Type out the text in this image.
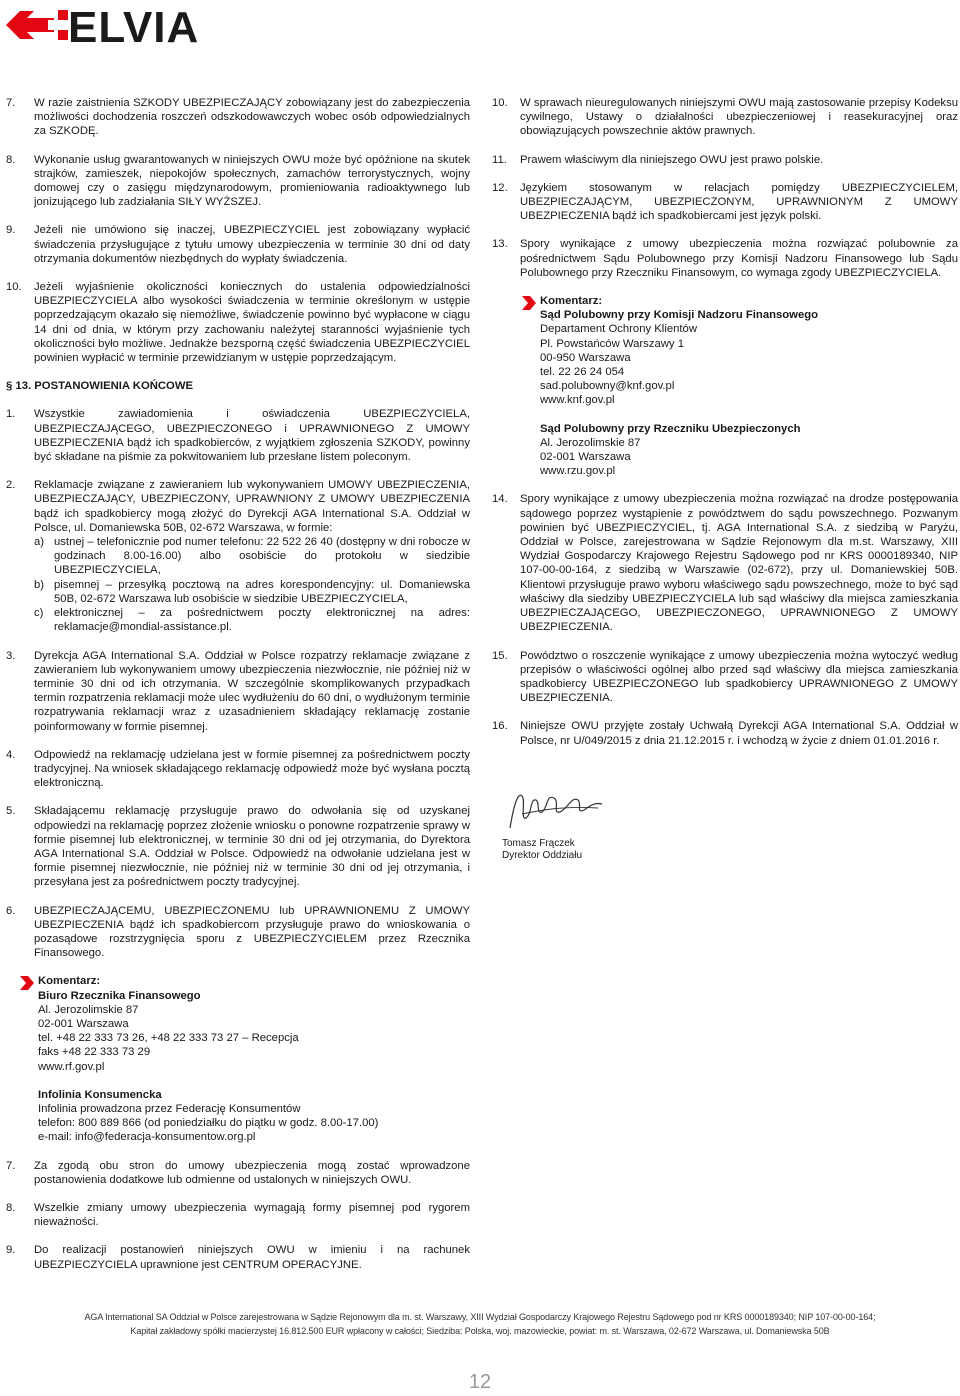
ELVIA
7.	W razie zaistnienia SZKODY UBEZPIECZAJĄCY zobowiązany jest do zabezpieczenia możliwości dochodzenia roszczeń odszkodowawczych wobec osób odpowiedzialnych za SZKODĘ.
8.	Wykonanie usług gwarantowanych w niniejszych OWU może być opóźnione na skutek strajków, zamieszek, niepokojów społecznych, zamachów terrorystycznych, wojny domowej czy o zasięgu międzynarodowym, promieniowania radioaktywnego lub jonizującego lub zadziałania SIŁY WYŻSZEJ.
9.	Jeżeli nie umówiono się inaczej, UBEZPIECZYCIEL jest zobowiązany wypłacić świadczenia przysługujące z tytułu umowy ubezpieczenia w terminie 30 dni od daty otrzymania dokumentów niezbędnych do wypłaty świadczenia.
10.	Jeżeli wyjaśnienie okoliczności koniecznych do ustalenia odpowiedzialności UBEZPIECZYCIELA albo wysokości świadczenia w terminie określonym w ustępie poprzedzającym okazało się niemożliwe, świadczenie powinno być wypłacone w ciągu 14 dni od dnia, w którym przy zachowaniu należytej staranności wyjaśnienie tych okoliczności było możliwe. Jednakże bezsporną część świadczenia UBEZPIECZYCIEL powinien wypłacić w terminie przewidzianym w ustępie poprzedzającym.
§ 13. POSTANOWIENIA KOŃCOWE
1.	Wszystkie zawiadomienia i oświadczenia UBEZPIECZYCIELA, UBEZPIECZAJĄCEGO, UBEZPIECZONEGO i UPRAWNIONEGO Z UMOWY UBEZPIECZENIA bądź ich spadkobierców, z wyjątkiem zgłoszenia SZKODY, powinny być składane na piśmie za pokwitowaniem lub przesłane listem poleconym.
2.	Reklamacje związane z zawieraniem lub wykonywaniem UMOWY UBEZPIECZENIA, UBEZPIECZAJĄCY, UBEZPIECZONY, UPRAWNIONY Z UMOWY UBEZPIECZENIA bądź ich spadkobiercy mogą złożyć do Dyrekcji AGA International S.A. Oddział w Polsce, ul. Domaniewska 50B, 02-672 Warszawa, w formie:
a) ustnej – telefonicznie pod numer telefonu: 22 522 26 40 (dostępny w dni robocze w godzinach 8.00-16.00) albo osobiście do protokołu w siedzibie UBEZPIECZYCIELA,
b) pisemnej – przesyłką pocztową na adres korespondencyjny: ul. Domaniewska 50B, 02-672 Warszawa lub osobiście w siedzibie UBEZPIECZYCIELA,
c) elektronicznej – za pośrednictwem poczty elektronicznej na adres: reklamacje@mondial-assistance.pl.
3.	Dyrekcja AGA International S.A. Oddział w Polsce rozpatrzy reklamacje związane z zawieraniem lub wykonywaniem umowy ubezpieczenia niezwłocznie, nie później niż w terminie 30 dni od ich otrzymania. W szczególnie skomplikowanych przypadkach termin rozpatrzenia reklamacji może ulec wydłużeniu do 60 dni, o wydłużonym terminie rozpatrywania reklamacji wraz z uzasadnieniem składający reklamację zostanie poinformowany w formie pisemnej.
4.	Odpowiedź na reklamację udzielana jest w formie pisemnej za pośrednictwem poczty tradycyjnej. Na wniosek składającego reklamację odpowiedź może być wysłana pocztą elektroniczną.
5.	Składającemu reklamację przysługuje prawo do odwołania się od uzyskanej odpowiedzi na reklamację poprzez złożenie wniosku o ponowne rozpatrzenie sprawy w formie pisemnej lub elektronicznej, w terminie 30 dni od jej otrzymania, do Dyrektora AGA International S.A. Oddział w Polsce. Odpowiedź na odwołanie udzielana jest w formie pisemnej niezwłocznie, nie później niż w terminie 30 dni od jej otrzymania, i przesyłana jest za pośrednictwem poczty tradycyjnej.
6.	UBEZPIECZAJĄCEMU, UBEZPIECZONEMU lub UPRAWNIONEMU Z UMOWY UBEZPIECZENIA bądź ich spadkobiercom przysługuje prawo do wnioskowania o pozasądowe rozstrzygnięcia sporu z UBEZPIECZYCIELEM przez Rzecznika Finansowego.
Komentarz:
Biuro Rzecznika Finansowego
Al. Jerozolimskie 87
02-001 Warszawa
tel. +48 22 333 73 26, +48 22 333 73 27 – Recepcja
faks +48 22 333 73 29
www.rf.gov.pl
Infolinia Konsumencka
Infolinia prowadzona przez Federację Konsumentów
telefon: 800 889 866 (od poniedziałku do piątku w godz. 8.00-17.00)
e-mail: info@federacja-konsumentow.org.pl
7.	Za zgodą obu stron do umowy ubezpieczenia mogą zostać wprowadzone postanowienia dodatkowe lub odmienne od ustalonych w niniejszych OWU.
8.	Wszelkie zmiany umowy ubezpieczenia wymagają formy pisemnej pod rygorem nieważności.
9.	Do realizacji postanowień niniejszych OWU w imieniu i na rachunek UBEZPIECZYCIELA uprawnione jest CENTRUM OPERACYJNE.
10.	W sprawach nieuregulowanych niniejszymi OWU mają zastosowanie przepisy Kodeksu cywilnego, Ustawy o działalności ubezpieczeniowej i reasekuracyjnej oraz obowiązujących powszechnie aktów prawnych.
11.	Prawem właściwym dla niniejszego OWU jest prawo polskie.
12.	Językiem stosowanym w relacjach pomiędzy UBEZPIECZYCIELEM, UBEZPIECZAJĄCYM, UBEZPIECZONYM, UPRAWNIONYM Z UMOWY UBEZPIECZENIA bądź ich spadkobiercami jest język polski.
13.	Spory wynikające z umowy ubezpieczenia można rozwiązać polubownie za pośrednictwem Sądu Polubownego przy Komisji Nadzoru Finansowego lub Sądu Polubownego przy Rzeczniku Finansowym, co wymaga zgody UBEZPIECZYCIELA.
Komentarz:
Sąd Polubowny przy Komisji Nadzoru Finansowego
Departament Ochrony Klientów
Pl. Powstańców Warszawy 1
00-950 Warszawa
tel. 22 26 24 054
sad.polubowny@knf.gov.pl
www.knf.gov.pl
Sąd Polubowny przy Rzeczniku Ubezpieczonych
Al. Jerozolimskie 87
02-001 Warszawa
www.rzu.gov.pl
14.	Spory wynikające z umowy ubezpieczenia można rozwiązać na drodze postępowania sądowego poprzez wystąpienie z powództwem do sądu powszechnego. Pozwanym powinien być UBEZPIECZYCIEL, tj. AGA International S.A. z siedzibą w Paryżu, Oddział w Polsce, zarejestrowana w Sądzie Rejonowym dla m.st. Warszawy, XIII Wydział Gospodarczy Krajowego Rejestru Sądowego pod nr KRS 0000189340, NIP 107-00-00-164, z siedzibą w Warszawie (02-672), przy ul. Domaniewskiej 50B. Klientowi przysługuje prawo wyboru właściwego sądu powszechnego, może to być sąd właściwy dla siedziby UBEZPIECZYCIELA lub sąd właściwy dla miejsca zamieszkania UBEZPIECZAJĄCEGO, UBEZPIECZONEGO, UPRAWNIONEGO Z UMOWY UBEZPIECZENIA.
15.	Powództwo o roszczenie wynikające z umowy ubezpieczenia można wytoczyć według przepisów o właściwości ogólnej albo przed sąd właściwy dla miejsca zamieszkania spadkobiercy UBEZPIECZONEGO lub spadkobiercy UPRAWNIONEGO Z UMOWY UBEZPIECZENIA.
16.	Niniejsze OWU przyjęte zostały Uchwałą Dyrekcji AGA International S.A. Oddział w Polsce, nr U/049/2015 z dnia 21.12.2015 r. i wchodzą w życie z dniem 01.01.2016 r.
Tomasz Frączek
Dyrektor Oddziału
AGA International SA Oddział w Polsce zarejestrowana w Sądzie Rejonowym dla m. st. Warszawy, XIII Wydział Gospodarczy Krajowego Rejestru Sądowego pod nr KRS 0000189340; NIP 107-00-00-164;
Kapitał zakładowy spółki macierzystej 16.812.500 EUR wpłacony w całości; Siedziba: Polska, woj. mazowieckie, powiat: m. st. Warszawa, 02-672 Warszawa, ul. Domaniewska 50B
12
